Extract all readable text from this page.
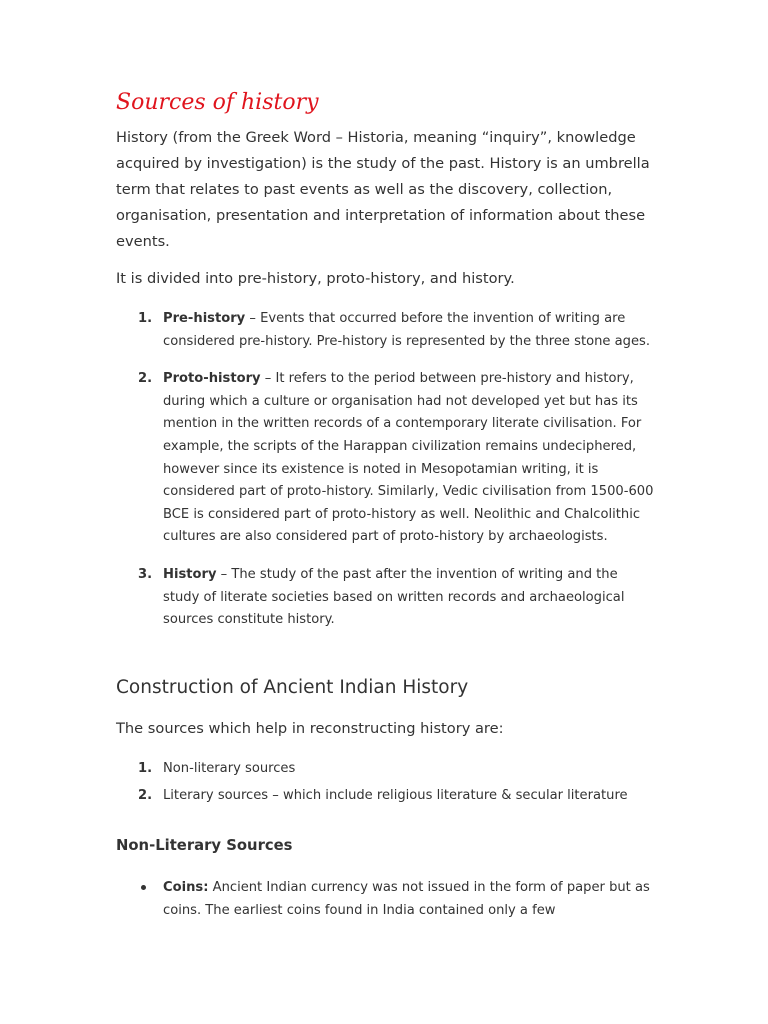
Sources of history

History (from the Greek Word – Historia, meaning “inquiry”, knowledge acquired by investigation) is the study of the past. History is an umbrella term that relates to past events as well as the discovery, collection, organisation, presentation and interpretation of information about these events.

It is divided into pre-history, proto-history, and history.

1. Pre-history – Events that occurred before the invention of writing are considered pre-history. Pre-history is represented by the three stone ages.
2. Proto-history – It refers to the period between pre-history and history, during which a culture or organisation had not developed yet but has its mention in the written records of a contemporary literate civilisation. For example, the scripts of the Harappan civilization remains undeciphered, however since its existence is noted in Mesopotamian writing, it is considered part of proto-history. Similarly, Vedic civilisation from 1500-600 BCE is considered part of proto-history as well. Neolithic and Chalcolithic cultures are also considered part of proto-history by archaeologists.
3. History – The study of the past after the invention of writing and the study of literate societies based on written records and archaeological sources constitute history.
Construction of Ancient Indian History

The sources which help in reconstructing history are:

1. Non-literary sources
2. Literary sources – which include religious literature & secular literature
Non-Literary Sources
Coins: Ancient Indian currency was not issued in the form of paper but as coins. The earliest coins found in India contained only a few
